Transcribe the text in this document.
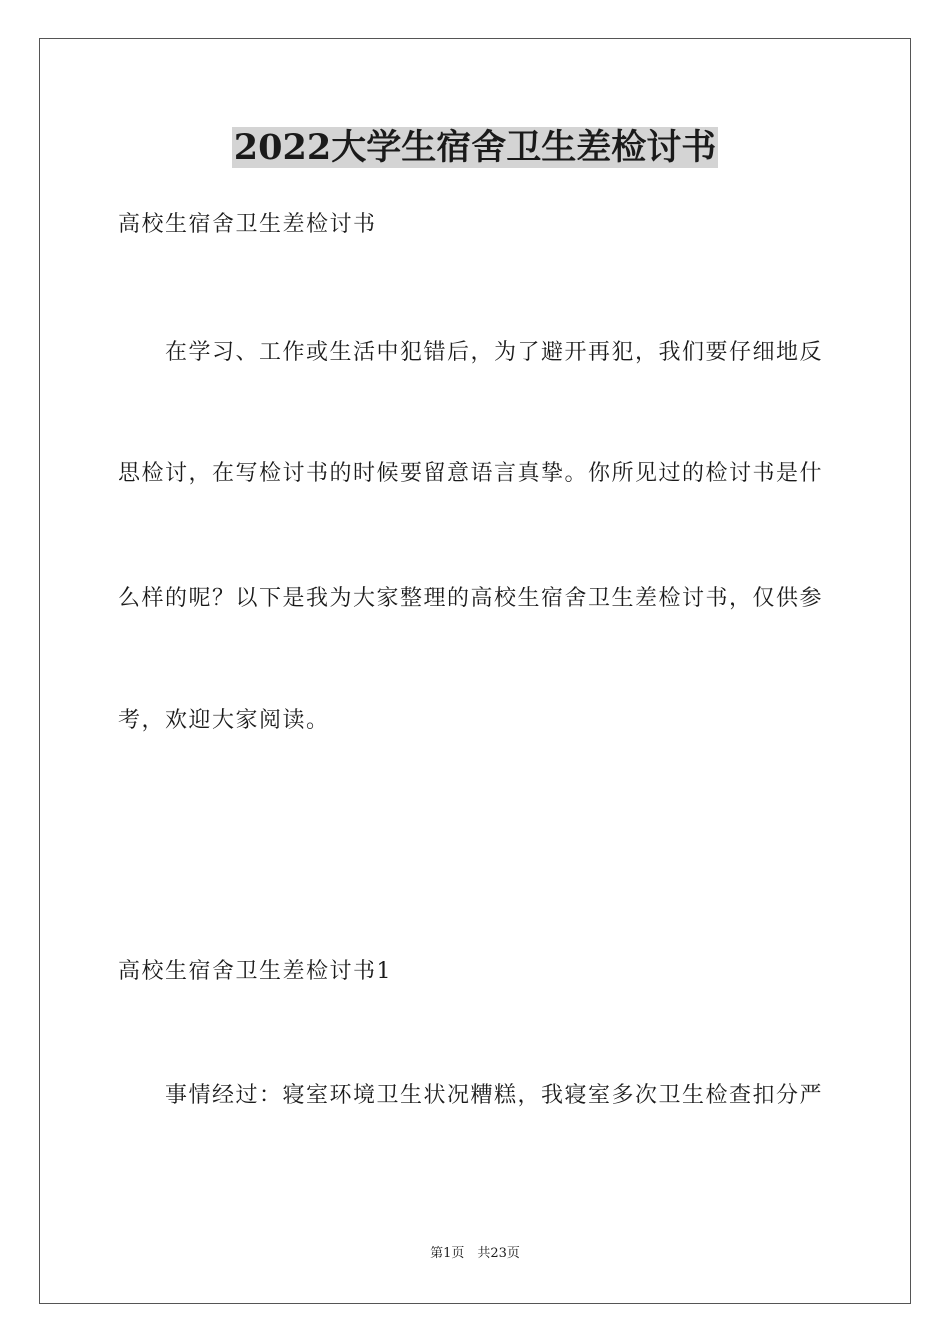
2022大学生宿舍卫生差检讨书
高校生宿舍卫生差检讨书
　　在学习、工作或生活中犯错后，为了避开再犯，我们要仔细地反
思检讨，在写检讨书的时候要留意语言真挚。你所见过的检讨书是什
么样的呢？以下是我为大家整理的高校生宿舍卫生差检讨书，仅供参
考，欢迎大家阅读。
高校生宿舍卫生差检讨书1
　　事情经过：寝室环境卫生状况糟糕，我寝室多次卫生检查扣分严
第1页　共23页
